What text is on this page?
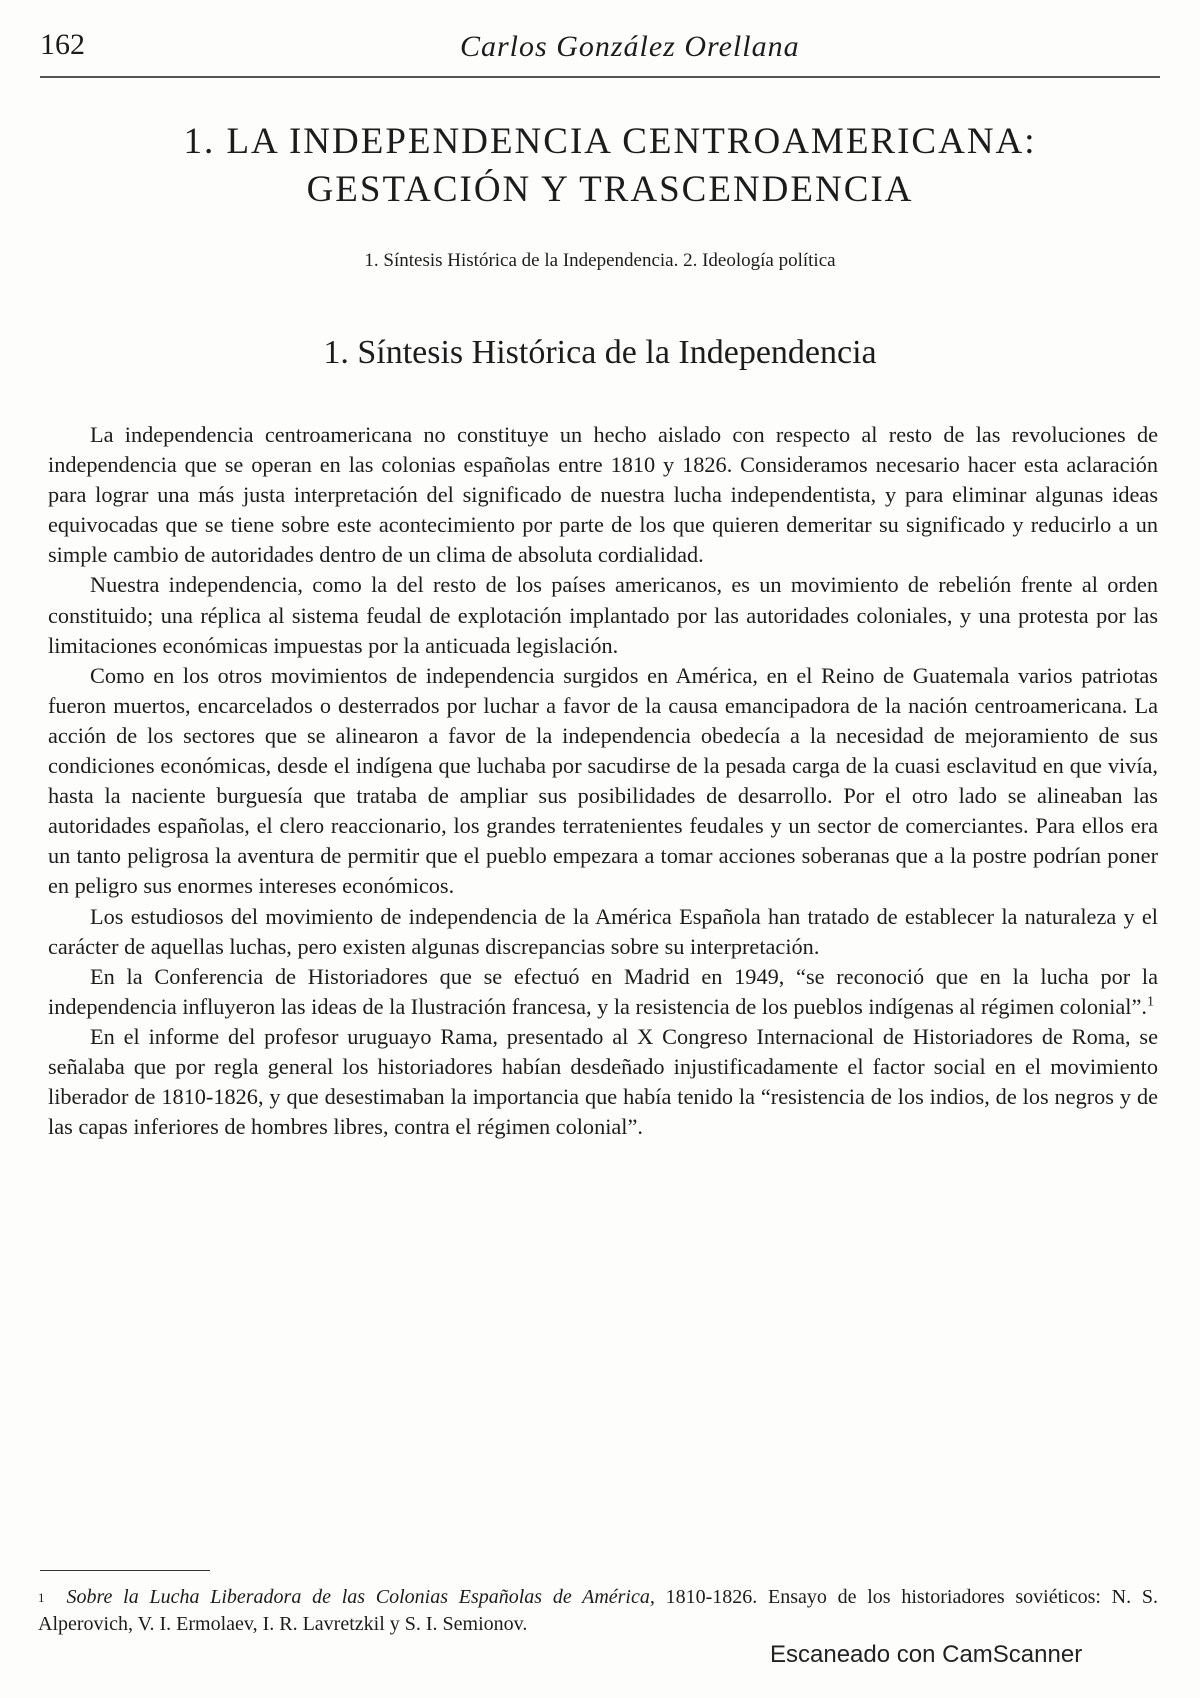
162	Carlos González Orellana
1. LA INDEPENDENCIA CENTROAMERICANA:
GESTACIÓN Y TRASCENDENCIA
1. Síntesis Histórica de la Independencia. 2. Ideología política
1. Síntesis Histórica de la Independencia

La independencia centroamericana no constituye un hecho aislado con respecto al resto de las revoluciones de independencia que se operan en las colonias españolas entre 1810 y 1826. Consideramos necesario hacer esta aclaración para lograr una más justa interpretación del significado de nuestra lucha independentista, y para eliminar algunas ideas equivocadas que se tiene sobre este acontecimiento por parte de los que quieren demeritar su significado y reducirlo a un simple cambio de autoridades dentro de un clima de absoluta cordialidad.

Nuestra independencia, como la del resto de los países americanos, es un movimiento de rebelión frente al orden constituido; una réplica al sistema feudal de explotación implantado por las autoridades coloniales, y una protesta por las limitaciones económicas impuestas por la anticuada legislación.

Como en los otros movimientos de independencia surgidos en América, en el Reino de Guatemala varios patriotas fueron muertos, encarcelados o desterrados por luchar a favor de la causa emancipadora de la nación centroamericana. La acción de los sectores que se alinearon a favor de la independencia obedecía a la necesidad de mejoramiento de sus condiciones económicas, desde el indígena que luchaba por sacudirse de la pesada carga de la cuasi esclavitud en que vivía, hasta la naciente burguesía que trataba de ampliar sus posibilidades de desarrollo. Por el otro lado se alineaban las autoridades españolas, el clero reaccionario, los grandes terratenientes feudales y un sector de comerciantes. Para ellos era un tanto peligrosa la aventura de permitir que el pueblo empezara a tomar acciones soberanas que a la postre podrían poner en peligro sus enormes intereses económicos.

Los estudiosos del movimiento de independencia de la América Española han tratado de establecer la naturaleza y el carácter de aquellas luchas, pero existen algunas discrepancias sobre su interpretación.

En la Conferencia de Historiadores que se efectuó en Madrid en 1949, “se reconoció que en la lucha por la independencia influyeron las ideas de la Ilustración francesa, y la resistencia de los pueblos indígenas al régimen colonial”.$^1$

En el informe del profesor uruguayo Rama, presentado al X Congreso Internacional de Historiadores de Roma, se señalaba que por regla general los historiadores habían desdeñado injustificadamente el factor social en el movimiento liberador de 1810-1826, y que desestimaban la importancia que había tenido la “resistencia de los indios, de los negros y de las capas inferiores de hombres libres, contra el régimen colonial”.

$^1$ Sobre la Lucha Liberadora de las Colonias Españolas de América, 1810-1826. Ensayo de los historiadores soviéticos: N. S. Alperovich, V. I. Ermolaev, I. R. Lavretzkil y S. I. Semionov.
Escaneado con CamScanner
